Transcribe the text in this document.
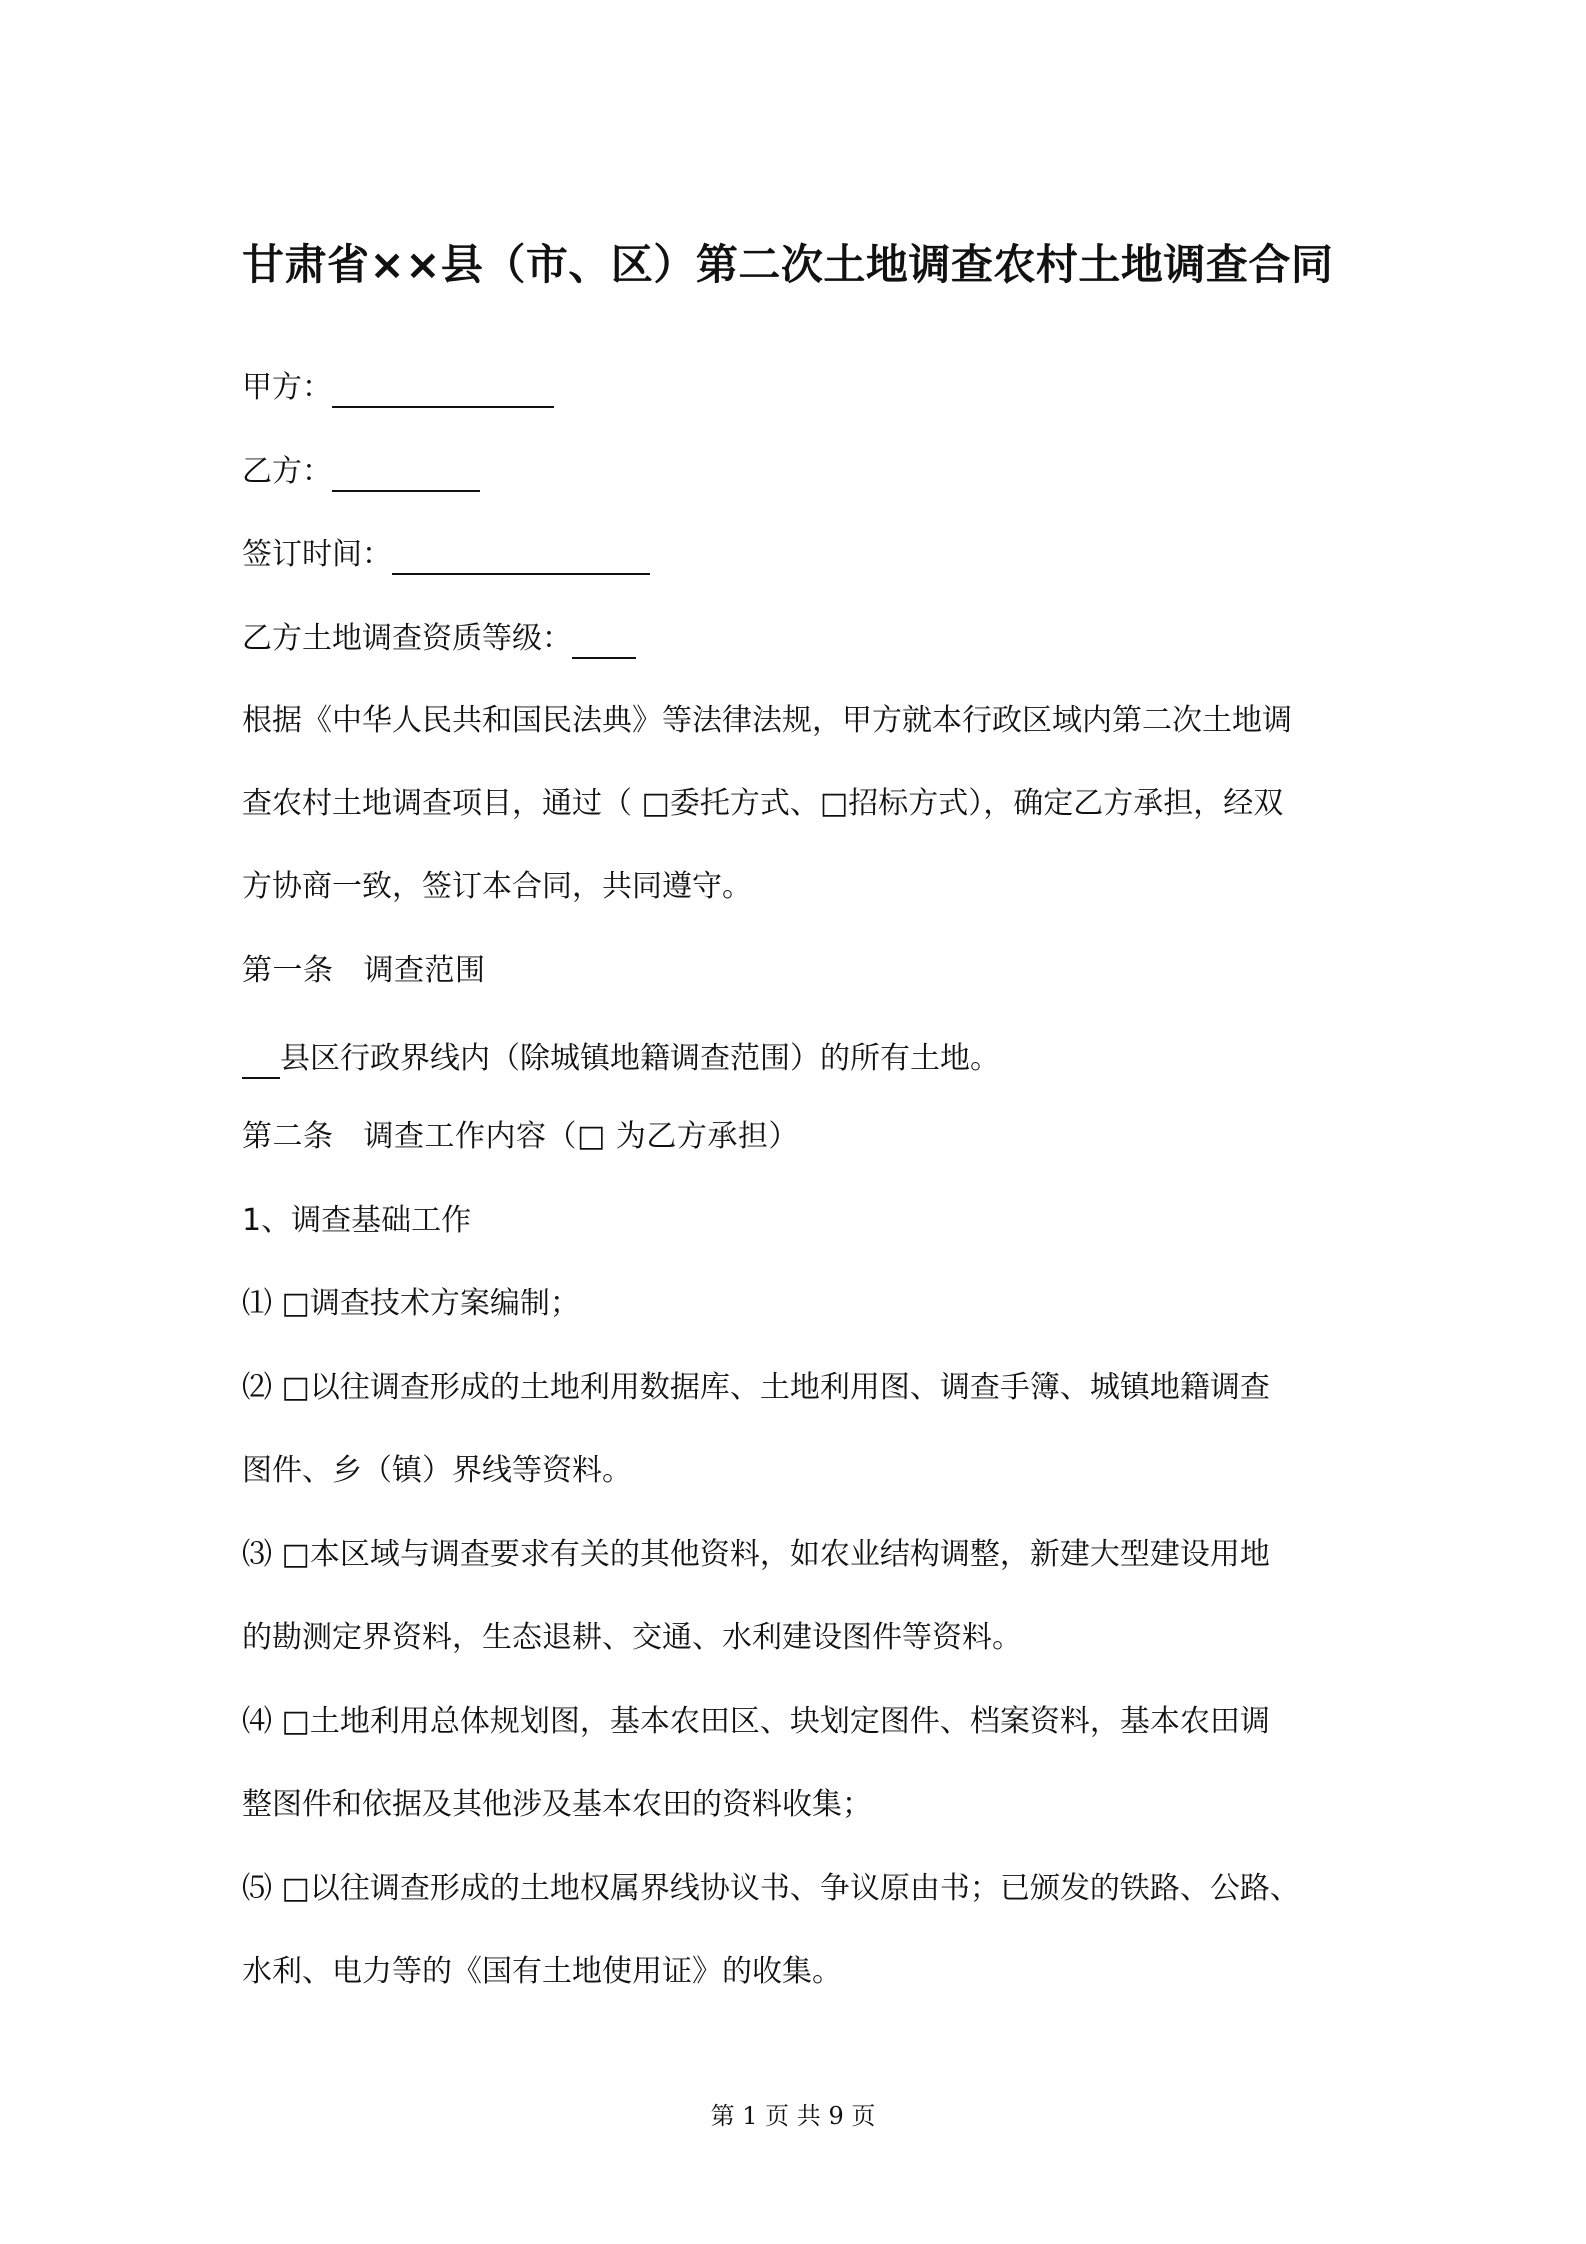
甘肃省××县（市、区）第二次土地调查农村土地调查合同
甲方：
乙方：
签订时间：
乙方土地调查资质等级：
根据《中华人民共和国民法典》等法律法规，甲方就本行政区域内第二次土地调
查农村土地调查项目，通过（ □委托方式、□招标方式），确定乙方承担，经双
方协商一致，签订本合同，共同遵守。
第一条 调查范围
县区行政界线内（除城镇地籍调查范围）的所有土地。
第二条 调查工作内容（□ 为乙方承担）
1、调查基础工作
⑴ □调查技术方案编制；
⑵ □以往调查形成的土地利用数据库、土地利用图、调查手簿、城镇地籍调查
图件、乡（镇）界线等资料。
⑶ □本区域与调查要求有关的其他资料，如农业结构调整，新建大型建设用地
的勘测定界资料，生态退耕、交通、水利建设图件等资料。
⑷ □土地利用总体规划图，基本农田区、块划定图件、档案资料，基本农田调
整图件和依据及其他涉及基本农田的资料收集；
⑸ □以往调查形成的土地权属界线协议书、争议原由书；已颁发的铁路、公路、
水利、电力等的《国有土地使用证》的收集。
第 1 页 共 9 页
